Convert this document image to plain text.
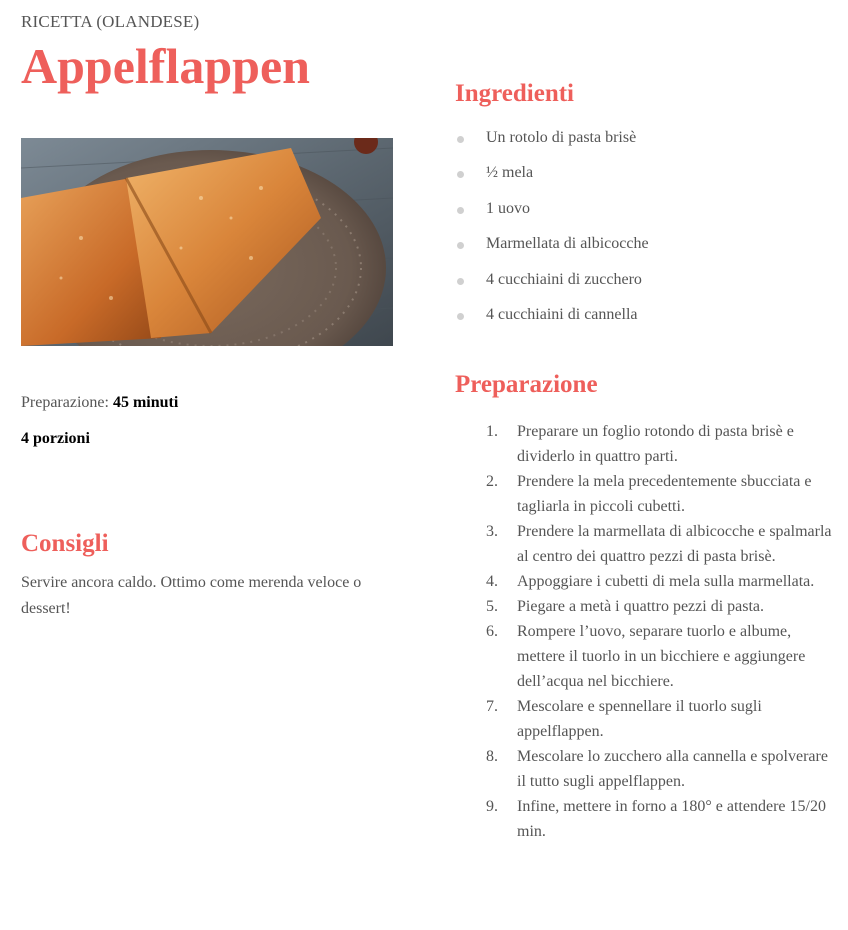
RICETTA (OLANDESE)
Appelflappen
Preparazione: 45 minuti
4 porzioni
Consigli
Servire ancora caldo. Ottimo come merenda veloce o dessert!
Ingredienti
Un rotolo di pasta brisè
½ mela
1 uovo
Marmellata di albicocche
4 cucchiaini di zucchero
4 cucchiaini di cannella
Preparazione
1. Preparare un foglio rotondo di pasta brisè e dividerlo in quattro parti.
2. Prendere la mela precedentemente sbucciata e tagliarla in piccoli cubetti.
3. Prendere la marmellata di albicocche e spalmarla al centro dei quattro pezzi di pasta brisè.
4. Appoggiare i cubetti di mela sulla marmellata.
5. Piegare a metà i quattro pezzi di pasta.
6. Rompere l’uovo, separare tuorlo e albume, mettere il tuorlo in un bicchiere e aggiungere dell’acqua nel bicchiere.
7. Mescolare e spennellare il tuorlo sugli appelflappen.
8. Mescolare lo zucchero alla cannella e spolverare il tutto sugli appelflappen.
9. Infine, mettere in forno a 180° e attendere 15/20 min.
